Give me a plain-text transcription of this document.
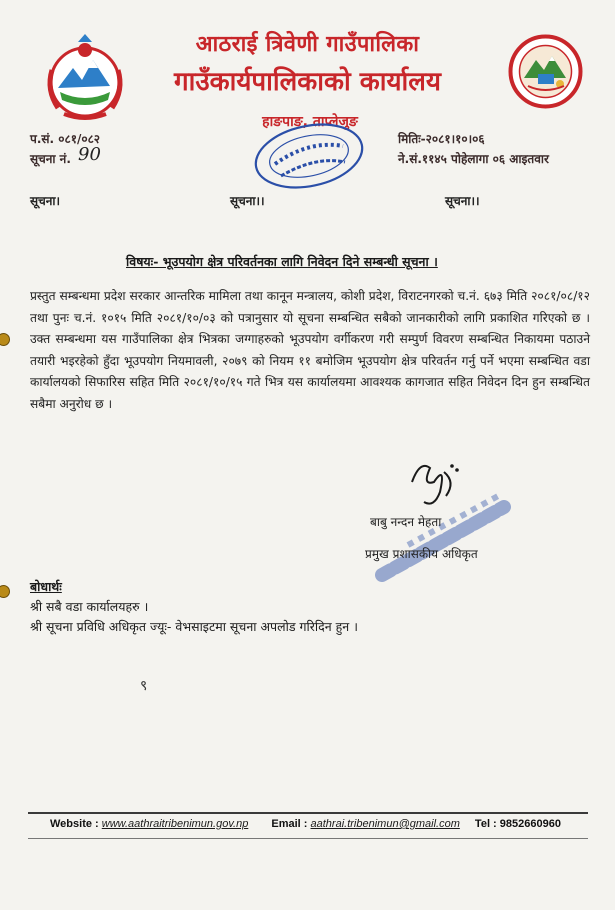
आठराई त्रिवेणी गाउँपालिका
गाउँकार्यपालिकाको कार्यालय
हाङपाङ, ताप्लेजुङ
प.सं. ०८१/०८२
सूचना नं. 90
मितिः-२०८१।१०।०६
ने.सं.११४५ पोहेलागा ०६ आइतवार
सूचना।	सूचना।।	सूचना।।
विषयः- भूउपयोग क्षेत्र परिवर्तनका लागि निवेदन दिने सम्बन्धी सूचना ।
प्रस्तुत सम्बन्धमा प्रदेश सरकार आन्तरिक मामिला तथा कानून मन्त्रालय, कोशी प्रदेश, विराटनगरको च.नं. ६७३ मिति २०८१/०८/१२ तथा पुनः च.नं. १०१५ मिति २०८१/१०/०३ को पत्रानुसार यो सूचना सम्बन्धित सबैको जानकारीको लागि प्रकाशित गरिएको छ । उक्त सम्बन्धमा यस गाउँपालिका क्षेत्र भित्रका जग्गाहरुको भूउपयोग वर्गीकरण गरी सम्पुर्ण विवरण सम्बन्धित निकायमा पठाउने तयारी भइरहेको हुँदा भूउपयोग नियमावली, २०७९ को नियम ११ बमोजिम भूउपयोग क्षेत्र परिवर्तन गर्नु पर्ने भएमा सम्बन्धित वडा कार्यालयको सिफारिस सहित मिति २०८१/१०/१५ गते भित्र यस कार्यालयमा आवश्यक कागजात सहित निवेदन दिन हुन सम्बन्धित सबैमा अनुरोध छ ।
बाबु नन्दन मेहता
प्रमुख प्रशासकीय अधिकृत
बोधार्थः
श्री सबै वडा कार्यालयहरु ।
श्री सूचना प्रविधि अधिकृत ज्यूः- वेभसाइटमा सूचना अपलोड गरिदिन हुन ।
९
Website : www.aathraitribenimun.gov.np Email : aathrai.tribenimun@gmail.com Tel : 9852660960
